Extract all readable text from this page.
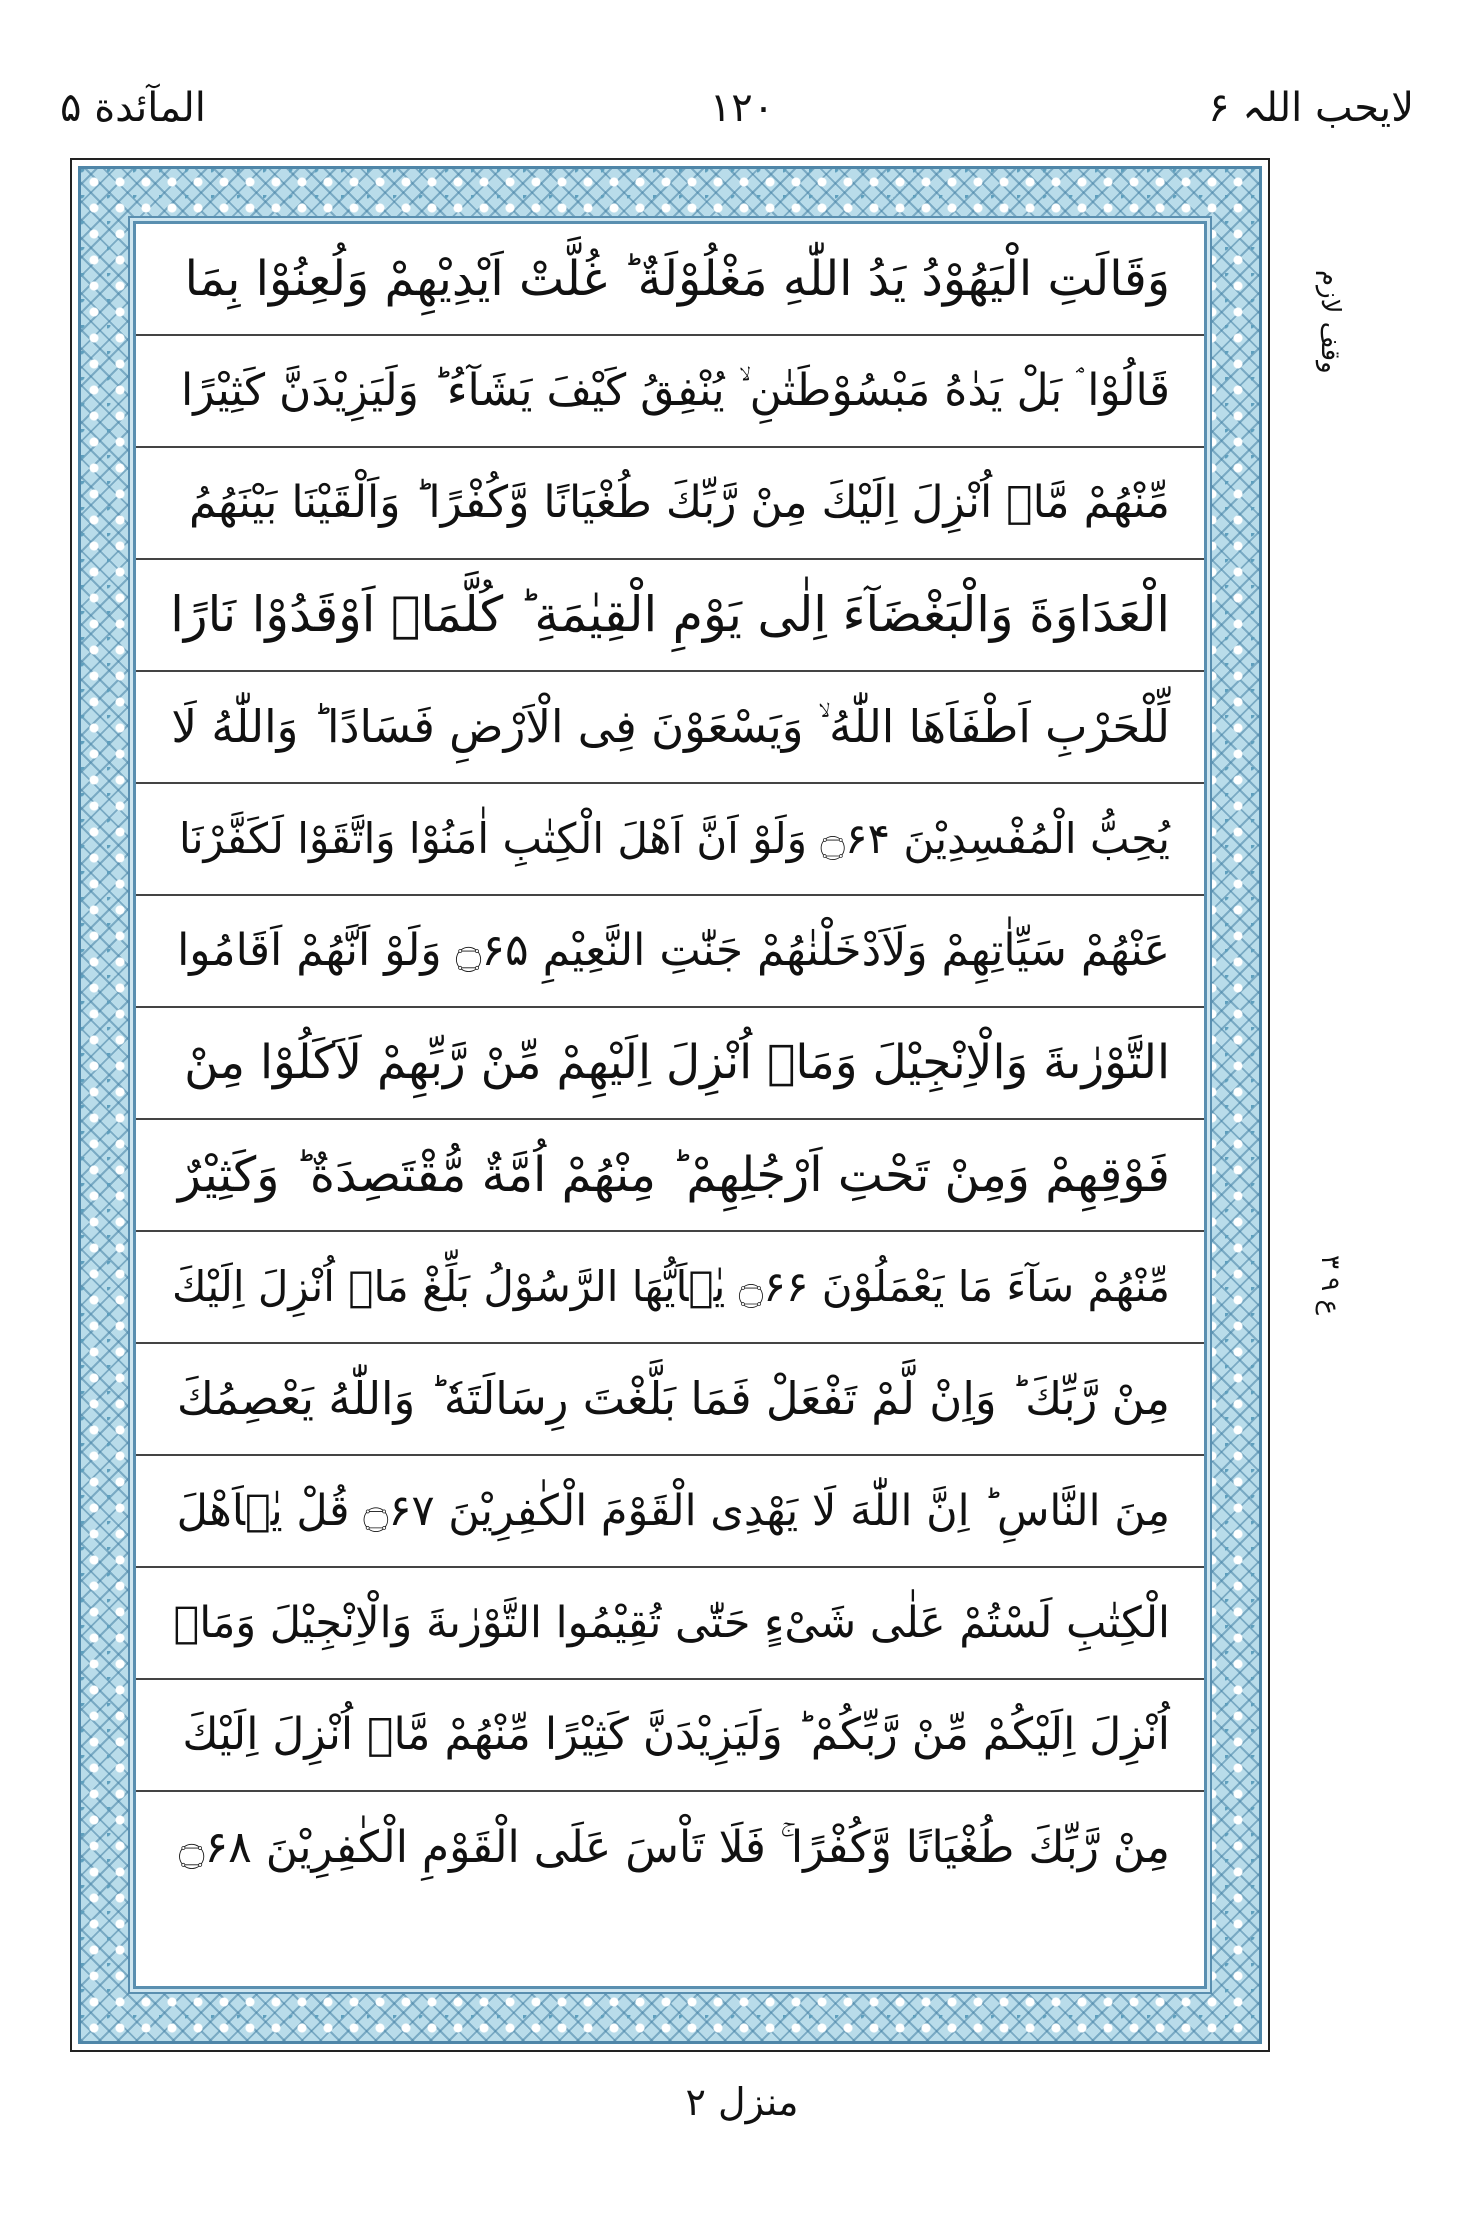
المآئدة ۵	۱۲۰	لایحب اللہ ۶
وَقَالَتِ الْیَهُوْدُ یَدُ اللّٰهِ مَغْلُوْلَةٌ ؕ غُلَّتْ اَیْدِیْهِمْ وَلُعِنُوْا بِمَا
قَالُوْا ۘ بَلْ یَدٰهُ مَبْسُوْطَتٰنِ ۙ یُنْفِقُ كَیْفَ یَشَآءُ ؕ وَلَیَزِیْدَنَّ كَثِیْرًا
مِّنْهُمْ مَّاۤ اُنْزِلَ اِلَیْكَ مِنْ رَّبِّكَ طُغْیَانًا وَّكُفْرًا ؕ وَاَلْقَیْنَا بَیْنَهُمُ
الْعَدَاوَةَ وَالْبَغْضَآءَ اِلٰی یَوْمِ الْقِیٰمَةِ ؕ كُلَّمَاۤ اَوْقَدُوْا نَارًا
لِّلْحَرْبِ اَطْفَاَهَا اللّٰهُ ۙ وَیَسْعَوْنَ فِی الْاَرْضِ فَسَادًا ؕ وَاللّٰهُ لَا
یُحِبُّ الْمُفْسِدِیْنَ ۝۶۴ وَلَوْ اَنَّ اَهْلَ الْكِتٰبِ اٰمَنُوْا وَاتَّقَوْا لَكَفَّرْنَا
عَنْهُمْ سَیِّاٰتِهِمْ وَلَاَدْخَلْنٰهُمْ جَنّٰتِ النَّعِیْمِ ۝۶۵ وَلَوْ اَنَّهُمْ اَقَامُوا
التَّوْرٰىةَ وَالْاِنْجِیْلَ وَمَاۤ اُنْزِلَ اِلَیْهِمْ مِّنْ رَّبِّهِمْ لَاَكَلُوْا مِنْ
فَوْقِهِمْ وَمِنْ تَحْتِ اَرْجُلِهِمْ ؕ مِنْهُمْ اُمَّةٌ مُّقْتَصِدَةٌ ؕ وَكَثِیْرٌ
مِّنْهُمْ سَآءَ مَا یَعْمَلُوْنَ ۝۶۶ یٰۤاَیُّهَا الرَّسُوْلُ بَلِّغْ مَاۤ اُنْزِلَ اِلَیْكَ
مِنْ رَّبِّكَ ؕ وَاِنْ لَّمْ تَفْعَلْ فَمَا بَلَّغْتَ رِسَالَتَهٗ ؕ وَاللّٰهُ یَعْصِمُكَ
مِنَ النَّاسِ ؕ اِنَّ اللّٰهَ لَا یَهْدِی الْقَوْمَ الْكٰفِرِیْنَ ۝۶۷ قُلْ یٰۤاَهْلَ
الْكِتٰبِ لَسْتُمْ عَلٰی شَیْءٍ حَتّٰی تُقِیْمُوا التَّوْرٰىةَ وَالْاِنْجِیْلَ وَمَاۤ
اُنْزِلَ اِلَیْكُمْ مِّنْ رَّبِّكُمْ ؕ وَلَیَزِیْدَنَّ كَثِیْرًا مِّنْهُمْ مَّاۤ اُنْزِلَ اِلَیْكَ
مِنْ رَّبِّكَ طُغْیَانًا وَّكُفْرًا ۚ فَلَا تَاْسَ عَلَی الْقَوْمِ الْكٰفِرِیْنَ ۝۶۸
وقف لازم
ع ۹ ۳
منزل ۲
